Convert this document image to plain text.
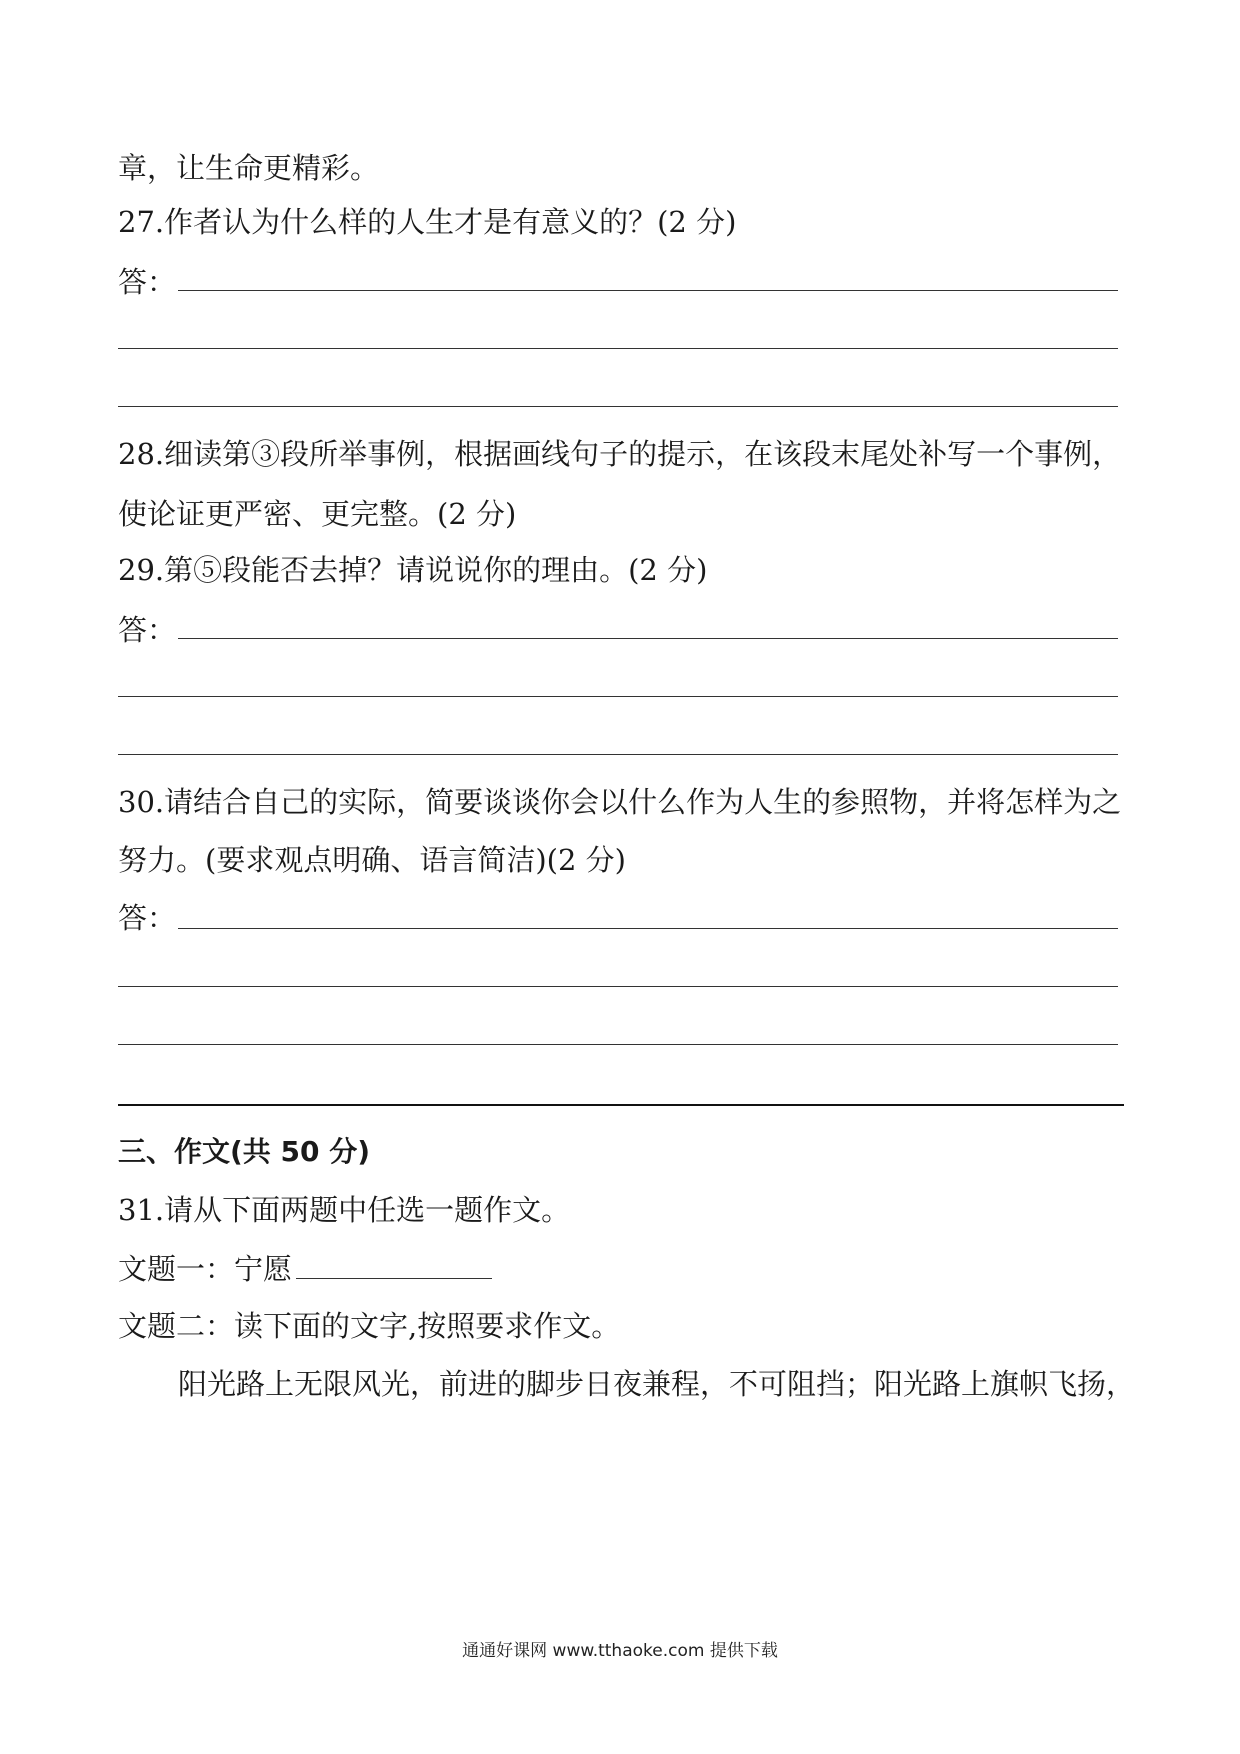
章，让生命更精彩。
27.作者认为什么样的人生才是有意义的？(2 分)
答：
28.细读第③段所举事例，根据画线句子的提示，在该段末尾处补写一个事例，
使论证更严密、更完整。(2 分)
29.第⑤段能否去掉？请说说你的理由。(2 分)
答：
30.请结合自己的实际，简要谈谈你会以什么作为人生的参照物，并将怎样为之
努力。(要求观点明确、语言简洁)(2 分)
答：
三、作文(共 50 分)
31.请从下面两题中任选一题作文。
文题一：宁愿
文题二：读下面的文字,按照要求作文。
阳光路上无限风光，前进的脚步日夜兼程，不可阻挡；阳光路上旗帜飞扬，
通通好课网 www.tthaoke.com 提供下载
